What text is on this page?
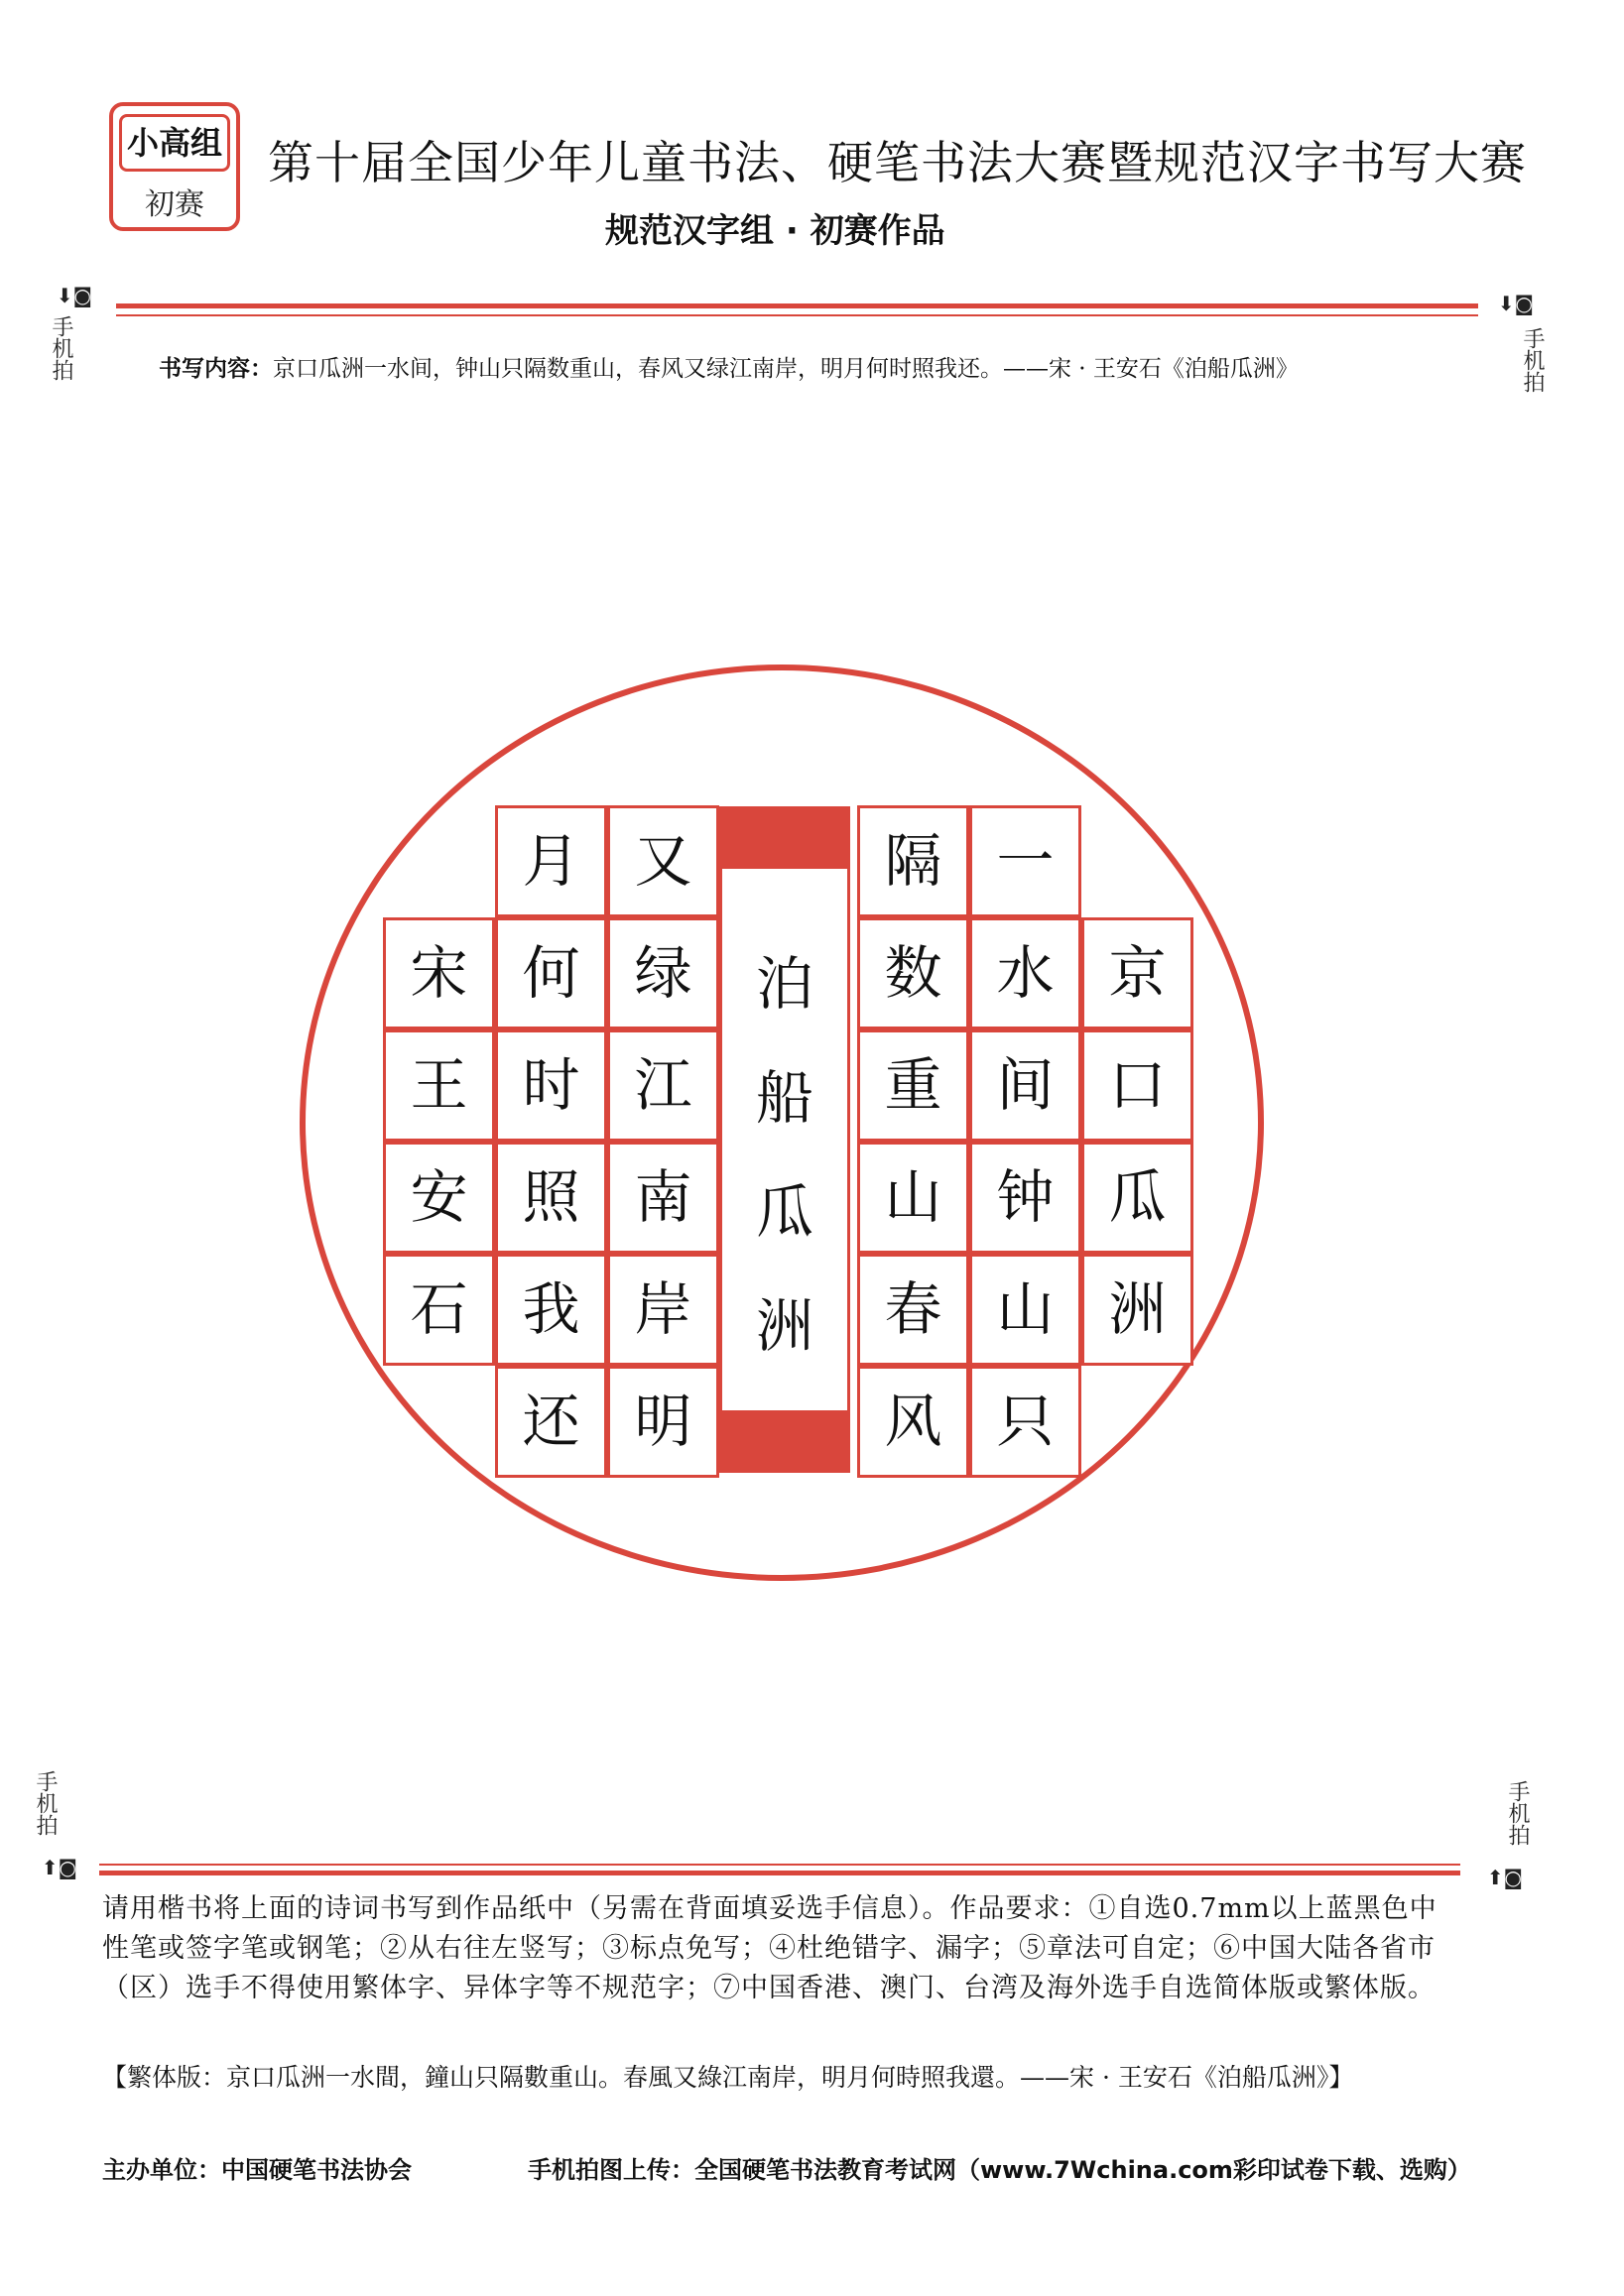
小高组
初赛
第十届全国少年儿童书法、硬笔书法大赛暨规范汉字书写大赛
规范汉字组 · 初赛作品
⬇◙
手机拍
⬇◙
手机拍
书写内容：京口瓜洲一水间，钟山只隔数重山，春风又绿江南岸，明月何时照我还。——宋 · 王安石《泊船瓜洲》
泊
船
瓜
洲
京
口
瓜
洲
一
水
间
钟
山
只
隔
数
重
山
春
风
又
绿
江
南
岸
明
月
何
时
照
我
还
宋
王
安
石
手机拍
⬆◙
手机拍
⬆◙
请用楷书将上面的诗词书写到作品纸中（另需在背面填妥选手信息）。作品要求：①自选0.7mm以上蓝黑色中性笔或签字笔或钢笔；②从右往左竖写；③标点免写；④杜绝错字、漏字；⑤章法可自定；⑥中国大陆各省市（区）选手不得使用繁体字、异体字等不规范字；⑦中国香港、澳门、台湾及海外选手自选简体版或繁体版。
【繁体版：京口瓜洲一水間，鐘山只隔數重山。春風又綠江南岸，明月何時照我還。——宋 · 王安石《泊船瓜洲》】
主办单位：中国硬笔书法协会	手机拍图上传：全国硬笔书法教育考试网（www.7Wchina.com彩印试卷下载、选购）
